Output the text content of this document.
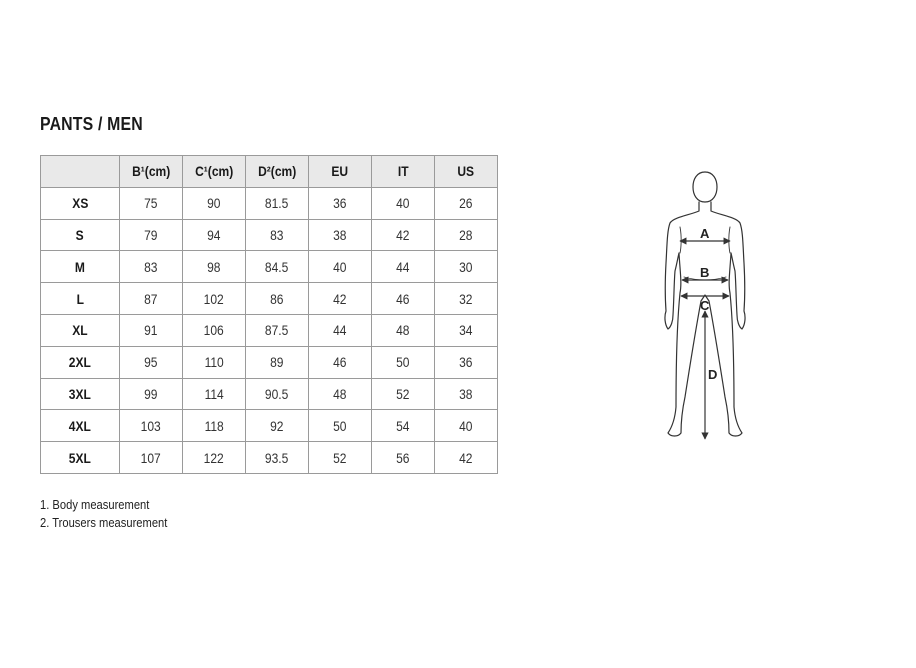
PANTS / MEN
	B¹(cm)	C¹(cm)	D²(cm)	EU	IT	US
XS	75	90	81.5	36	40	26
S	79	94	83	38	42	28
M	83	98	84.5	40	44	30
L	87	102	86	42	46	32
XL	91	106	87.5	44	48	34
2XL	95	110	89	46	50	36
3XL	99	114	90.5	48	52	38
4XL	103	118	92	50	54	40
5XL	107	122	93.5	52	56	42
1. Body measurement
2. Trousers measurement
A
B
C
D
